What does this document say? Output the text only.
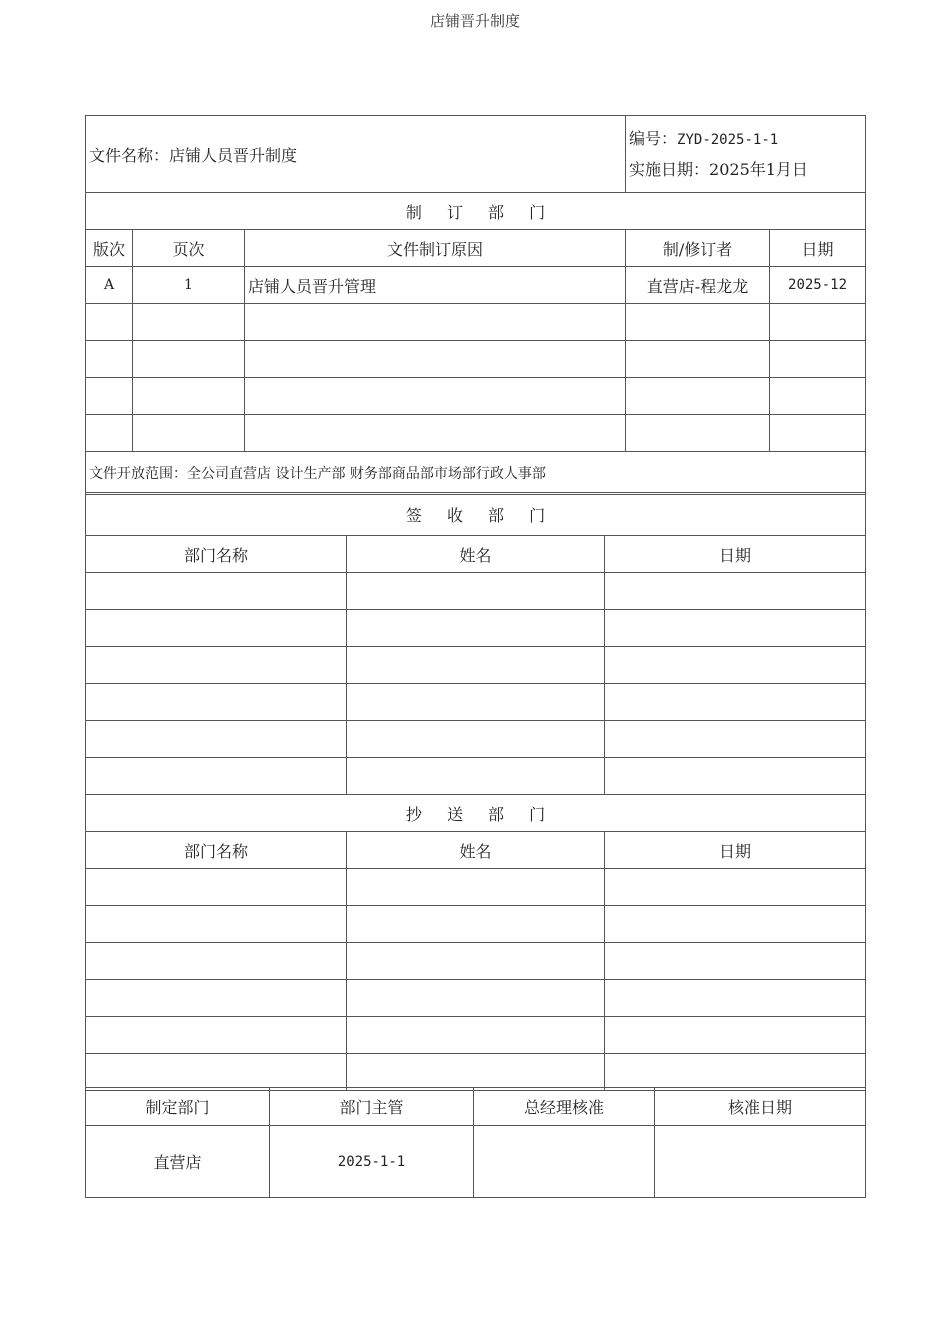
店铺晋升制度
文件名称：店铺人员晋升制度			编号：ZYD-2025-1-1
实施日期：2025年1月日	

制 订 部 门				
版次	页次	文件制订原因	制/修订者	日期
A	1	店铺人员晋升管理	直营店-程龙龙	2025-12

文件开放范围：全公司直营店 设计生产部 财务部商品部市场部行政人事部				
签 收 部 门		
部门名称	姓名	日期

抄 送 部 门		
部门名称	姓名	日期

制定部门	部门主管	总经理核准	核准日期
直营店	2025-1-1		
